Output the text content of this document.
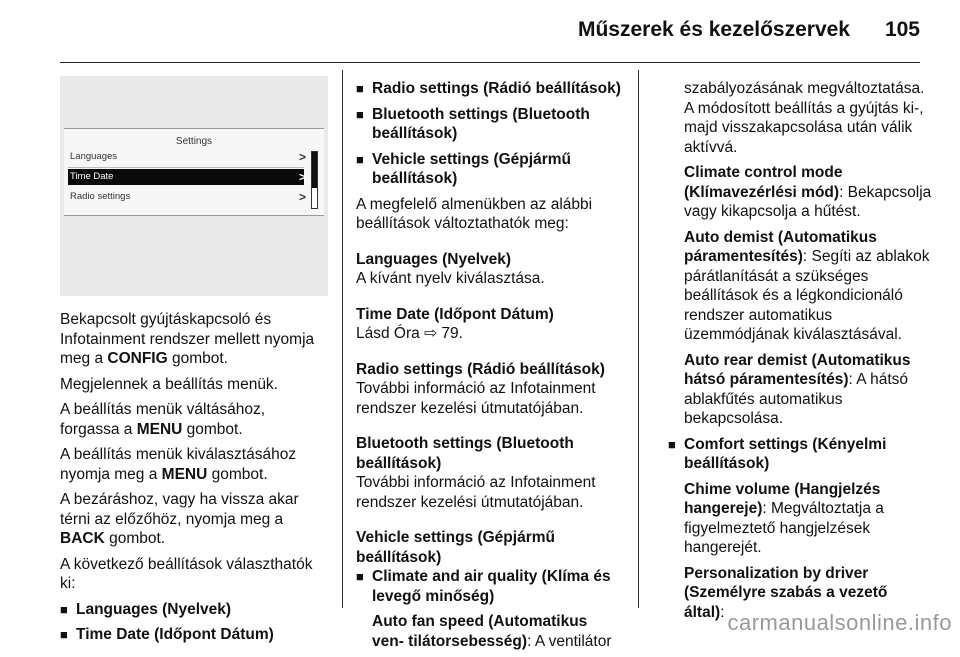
Műszerek és kezelőszervek 105
Settings
Languages	>
Time Date	>
Radio settings	>

Bekapcsolt gyújtáskapcsoló és Infotainment rendszer mellett nyomja meg a CONFIG gombot.

Megjelennek a beállítás menük.

A beállítás menük váltásához, forgassa a MENU gombot.

A beállítás menük kiválasztásához nyomja meg a MENU gombot.

A bezáráshoz, vagy ha vissza akar térni az előzőhöz, nyomja meg a BACK gombot.

A következő beállítások választhatók ki:

■ Languages (Nyelvek)
■ Time Date (Időpont Dátum)
■ Radio settings (Rádió beállítások)
■ Bluetooth settings (Bluetooth beállítások)
■ Vehicle settings (Gépjármű beállítások)

A megfelelő almenükben az alábbi beállítások változtathatók meg:

Languages (Nyelvek)

A kívánt nyelv kiválasztása.

Time Date (Időpont Dátum)

Lásd Óra ⇨ 79.

Radio settings (Rádió beállítások)

További információ az Infotainment rendszer kezelési útmutatójában.

Bluetooth settings (Bluetooth beállítások)

További információ az Infotainment rendszer kezelési útmutatójában.

Vehicle settings (Gépjármű beállítások)

■ Climate and air quality (Klíma és levegő minőség)

Auto fan speed (Automatikus ven- tilátorsebesség): A ventilátor

szabályozásának megváltoztatása. A módosított beállítás a gyújtás ki-, majd visszakapcsolása után válik aktívvá.

Climate control mode (Klímavezérlési mód): Bekapcsolja vagy kikapcsolja a hűtést.

Auto demist (Automatikus páramentesítés): Segíti az ablakok párátlanítását a szükséges beállítások és a légkondicionáló rendszer automatikus üzemmódjának kiválasztásával.

Auto rear demist (Automatikus hátsó páramentesítés): A hátsó ablakfűtés automatikus bekapcsolása.

■ Comfort settings (Kényelmi beállítások)

Chime volume (Hangjelzés hangereje): Megváltoztatja a figyelmeztető hangjelzések hangerejét.

Personalization by driver (Személyre szabás a vezető által): carmanualsonline.info
